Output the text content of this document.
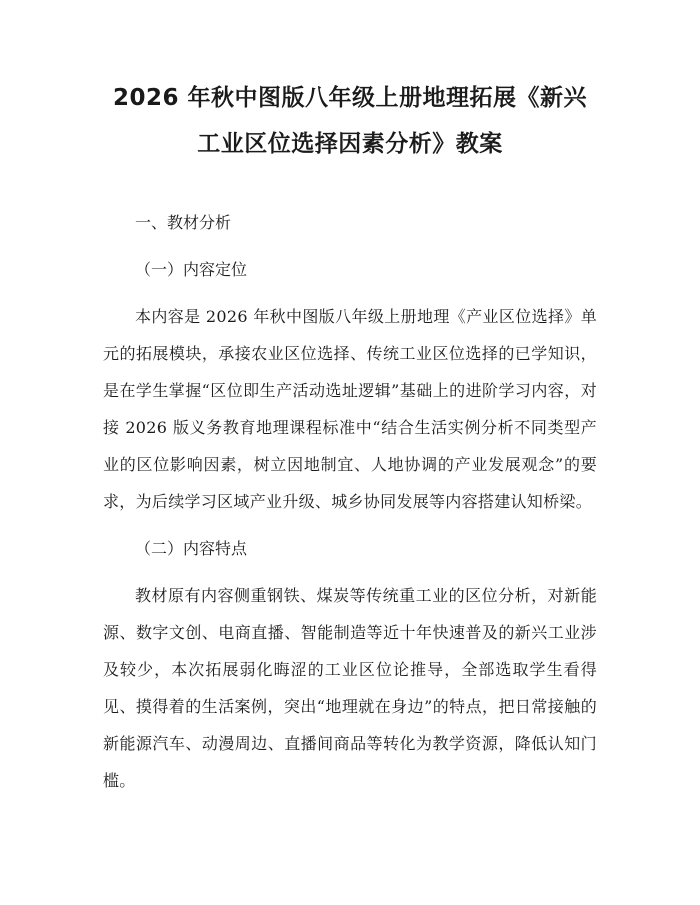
2026 年秋中图版八年级上册地理拓展《新兴
工业区位选择因素分析》教案

一、教材分析

（一）内容定位

本内容是 2026 年秋中图版八年级上册地理《产业区位选择》单元的拓展模块，承接农业区位选择、传统工业区位选择的已学知识，是在学生掌握“区位即生产活动选址逻辑”基础上的进阶学习内容，对接 2026 版义务教育地理课程标准中“结合生活实例分析不同类型产业的区位影响因素，树立因地制宜、人地协调的产业发展观念”的要求，为后续学习区域产业升级、城乡协同发展等内容搭建认知桥梁。

（二）内容特点

教材原有内容侧重钢铁、煤炭等传统重工业的区位分析，对新能源、数字文创、电商直播、智能制造等近十年快速普及的新兴工业涉及较少，本次拓展弱化晦涩的工业区位论推导，全部选取学生看得见、摸得着的生活案例，突出“地理就在身边”的特点，把日常接触的新能源汽车、动漫周边、直播间商品等转化为教学资源，降低认知门槛。
